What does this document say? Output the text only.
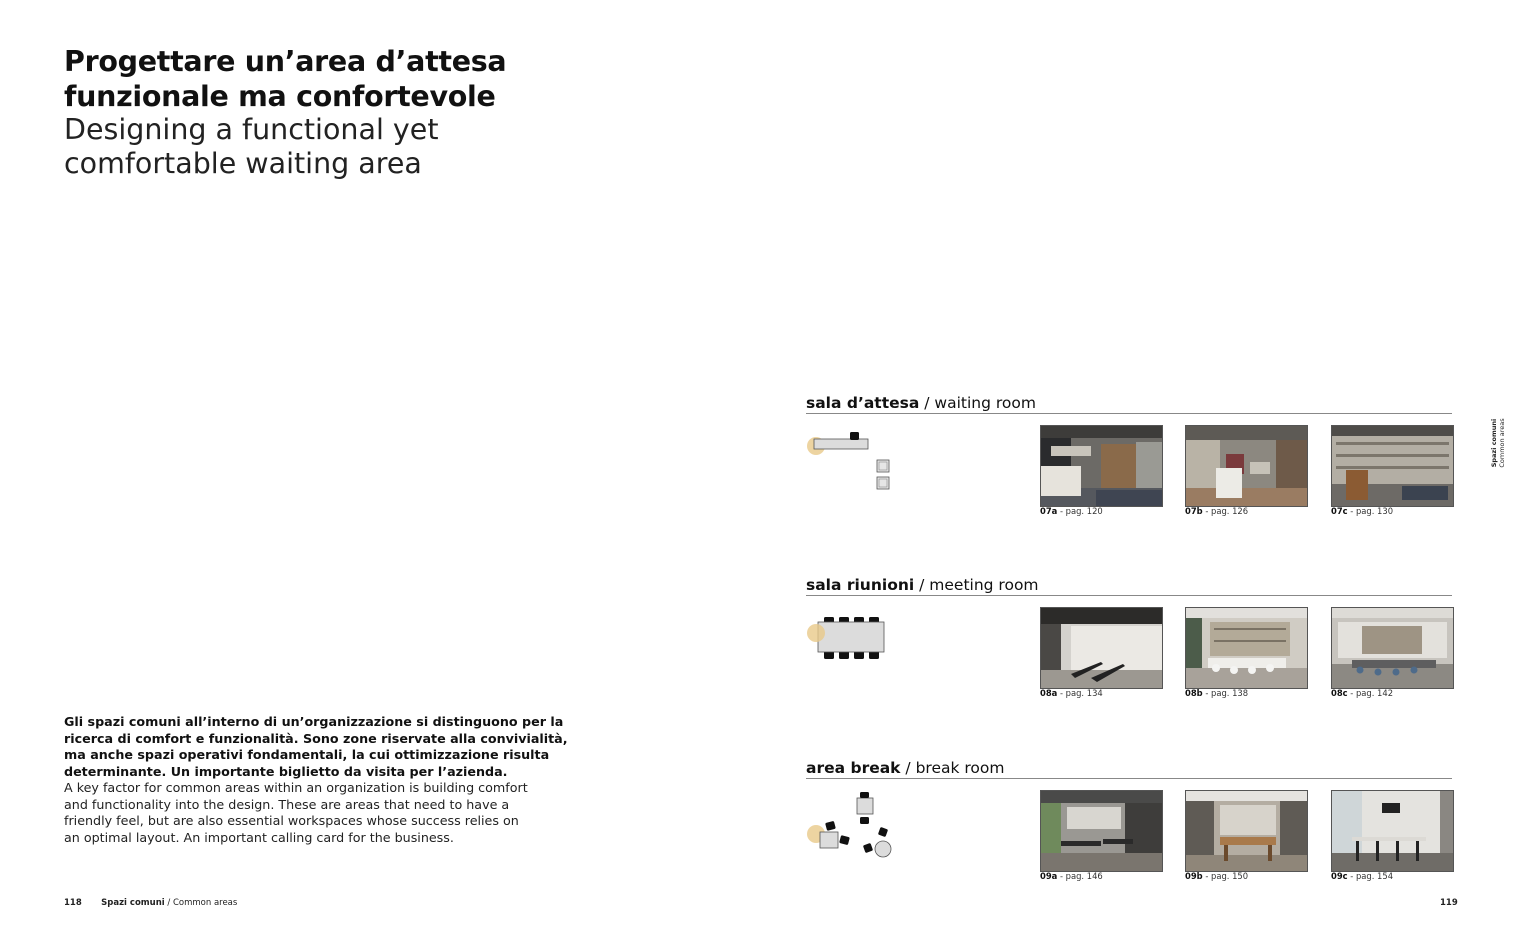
Progettare un’area d’attesa
funzionale ma confortevole
Designing a functional yet
comfortable waiting area
Gli spazi comuni all’interno di un’organizzazione si distinguono per la
ricerca di comfort e funzionalità. Sono zone riservate alla convivialità,
ma anche spazi operativi fondamentali, la cui ottimizzazione risulta
determinante. Un importante biglietto da visita per l’azienda.
A key factor for common areas within an organization is building comfort
and functionality into the design. These are areas that need to have a
friendly feel, but are also essential workspaces whose success relies on
an optimal layout. An important calling card for the business.
118 Spazi comuni / Common areas	119
Spazi comuni Common areas
sala d’attesa / waiting room
07a - pag. 120	07b - pag. 126	07c - pag. 130
sala riunioni / meeting room
08a - pag. 134	08b - pag. 138	08c - pag. 142
area break / break room
09a - pag. 146	09b - pag. 150	09c - pag. 154
